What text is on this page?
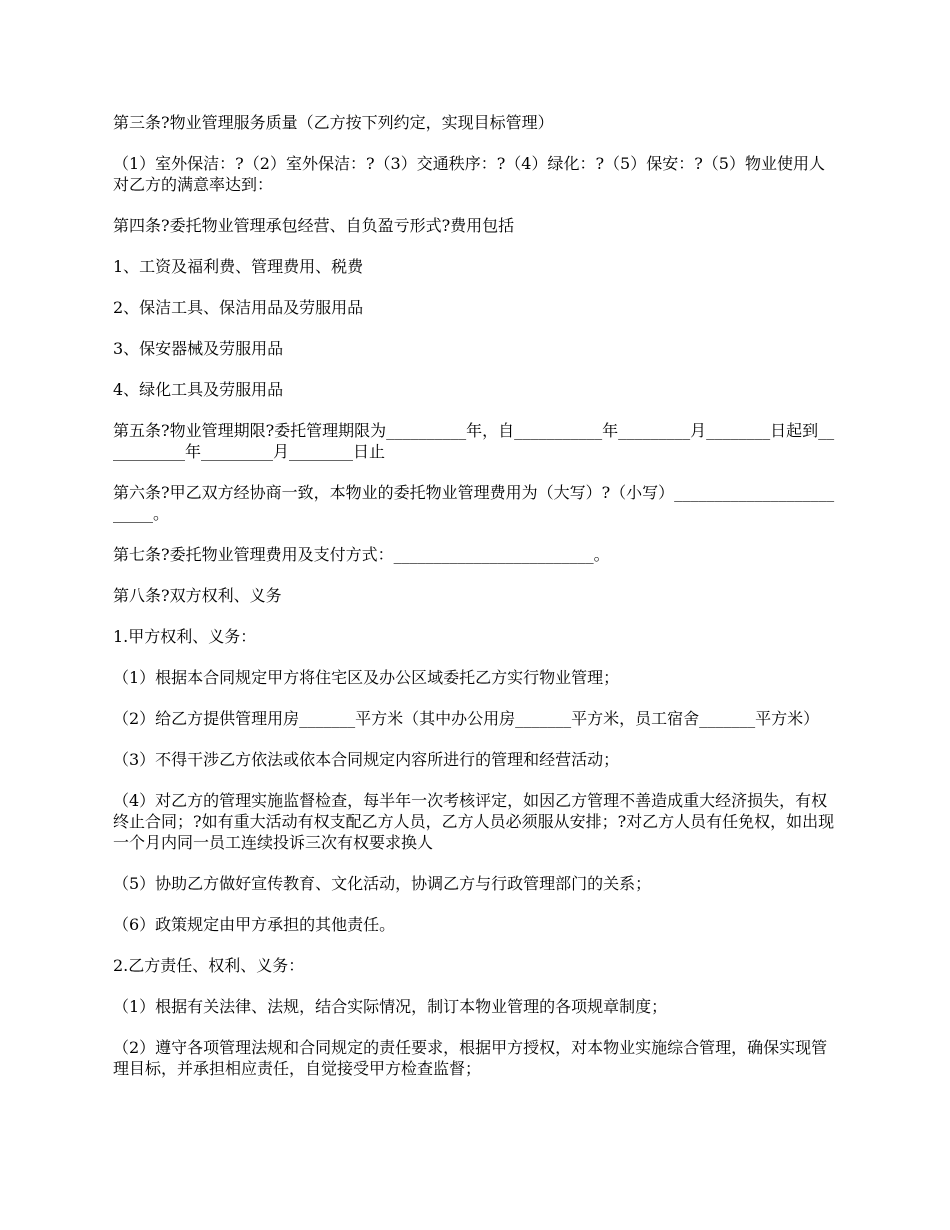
第三条?物业管理服务质量（乙方按下列约定，实现目标管理）

（1）室外保洁：?（2）室外保洁：?（3）交通秩序：?（4）绿化：?（5）保安：?（5）物业使用人对乙方的满意率达到：

第四条?委托物业管理承包经营、自负盈亏形式?费用包括

1、工资及福利费、管理费用、税费

2、保洁工具、保洁用品及劳服用品

3、保安器械及劳服用品

4、绿化工具及劳服用品

第五条?物业管理期限?委托管理期限为__________年，自___________年_________月________日起到___________年_________月________日止

第六条?甲乙双方经协商一致，本物业的委托物业管理费用为（大写）?（小写）_________________________。

第七条?委托物业管理费用及支付方式：_________________________。

第八条?双方权利、义务

1.甲方权利、义务：

（1）根据本合同规定甲方将住宅区及办公区域委托乙方实行物业管理；

（2）给乙方提供管理用房_______平方米（其中办公用房_______平方米，员工宿舍_______平方米）

（3）不得干涉乙方依法或依本合同规定内容所进行的管理和经营活动；

（4）对乙方的管理实施监督检查，每半年一次考核评定，如因乙方管理不善造成重大经济损失，有权终止合同；?如有重大活动有权支配乙方人员，乙方人员必须服从安排；?对乙方人员有任免权，如出现一个月内同一员工连续投诉三次有权要求换人

（5）协助乙方做好宣传教育、文化活动，协调乙方与行政管理部门的关系；

（6）政策规定由甲方承担的其他责任。

2.乙方责任、权利、义务：

（1）根据有关法律、法规，结合实际情况，制订本物业管理的各项规章制度；

（2）遵守各项管理法规和合同规定的责任要求，根据甲方授权，对本物业实施综合管理，确保实现管理目标，并承担相应责任，自觉接受甲方检查监督；
